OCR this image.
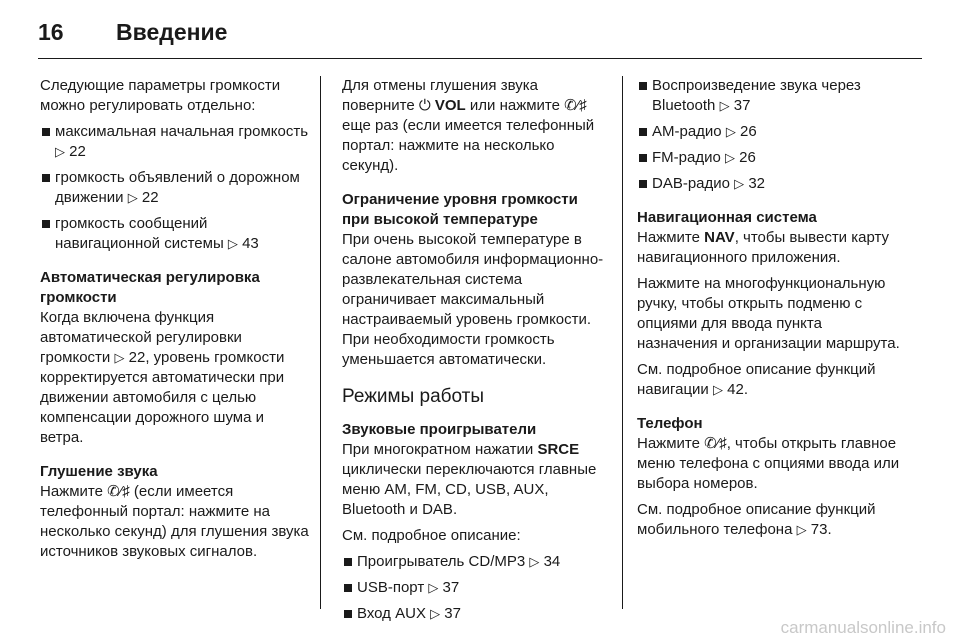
16	Введение

Следующие параметры громкости можно регулировать отдельно:

максимальная начальная громкость ▷ 22
громкость объявлений о дорожном движении ▷ 22
громкость сообщений навигационной системы ▷ 43

Автоматическая регулировка громкости

Когда включена функция автоматической регулировки громкости ▷ 22, уровень громкости корректируется автоматически при движении автомобиля с целью компенсации дорожного шума и ветра.

Глушение звука

Нажмите ✆⁄♯ (если имеется телефонный портал: нажмите на несколько секунд) для глушения звука источников звуковых сигналов.

Для отмены глушения звука поверните ⏻ VOL или нажмите ✆⁄♯ еще раз (если имеется телефонный портал: нажмите на несколько секунд).

Ограничение уровня громкости при высокой температуре

При очень высокой температуре в салоне автомобиля информационно-развлекательная система ограничивает максимальный настраиваемый уровень громкости. При необходимости громкость уменьшается автоматически.

Режимы работы

Звуковые проигрыватели

При многократном нажатии SRCE циклически переключаются главные меню AM, FM, CD, USB, AUX, Bluetooth и DAB.

См. подробное описание:

Проигрыватель CD/MP3 ▷ 34
USB-порт ▷ 37
Вход AUX ▷ 37
Воспроизведение звука через Bluetooth ▷ 37
AM-радио ▷ 26
FM-радио ▷ 26
DAB-радио ▷ 32

Навигационная система

Нажмите NAV, чтобы вывести карту навигационного приложения.

Нажмите на многофункциональную ручку, чтобы открыть подменю с опциями для ввода пункта назначения и организации маршрута.

См. подробное описание функций навигации ▷ 42.

Телефон

Нажмите ✆⁄♯, чтобы открыть главное меню телефона с опциями ввода или выбора номеров.

См. подробное описание функций мобильного телефона ▷ 73.

carmanualsonline.info
